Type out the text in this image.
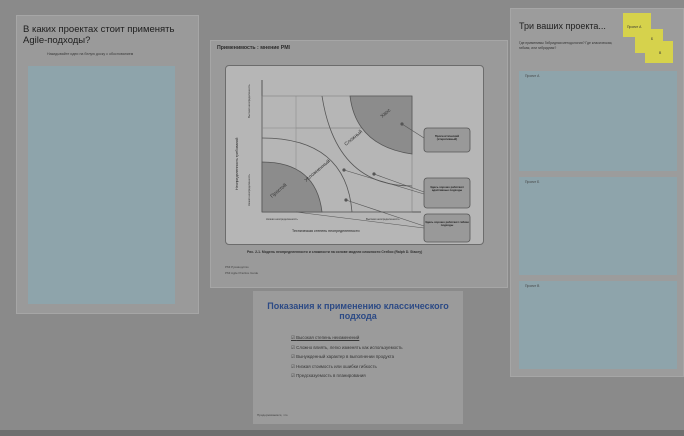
В каких проектах стоит применять Agile-подходы?
Накидывайте идеи на белую доску с обоснованием
Применимость : мнение PMI
Неопределенность требований
Высокая неопределенность
Низкая неопределенность
Низкая неопределенность	Высокая неопределенность
Техническая степень неопределенности
Простой
Усложненный
Сложный
Хаос
Прогностический (итеративный)
Здесь хорошо работают адаптивные подходы
Здесь хорошо работают гибкие подходы
Рис. 2-1. Модель неопределенности и сложности на основе модели сложности Стейси (Ralph D. Stacey)
PMI Руководство
PMI Agile Practice Guide
Три ваших проекта...
Где применимы Гибридная методология? Где класическая, гибкая, или гибридная?
Проект А
Б
В
Проект А
Проект Б
Проект В
Показания к применению классического подхода
☑ Высокая степень неизменений
☑ Сложно влиять, легко изменять как используемость
☑ Вынужденный характер в выполнении продукта
☑ Низкая стоимость или ошибки гибкость
☑ Предсказуемость в планирования
Придерживаемся, что
